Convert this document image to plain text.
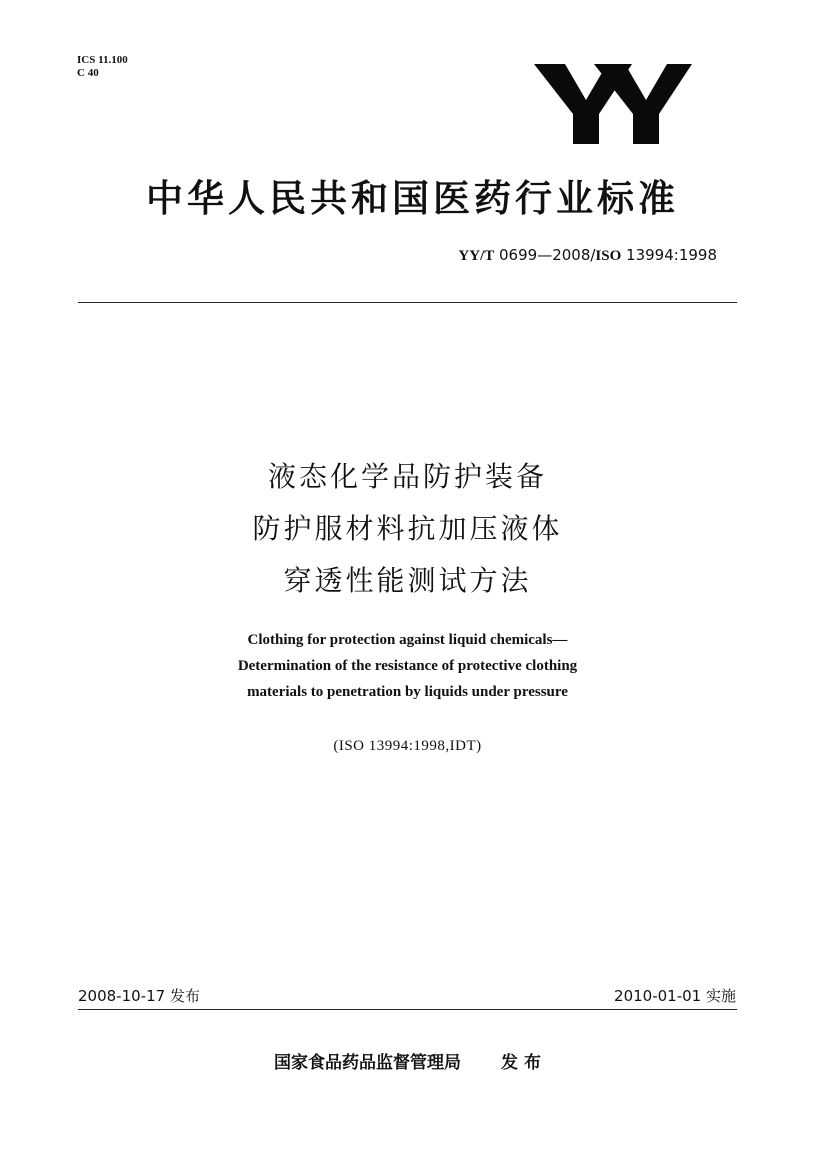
ICS 11.100
C 40
中华人民共和国医药行业标准
YY/T 0699—2008/ISO 13994:1998
液态化学品防护装备
防护服材料抗加压液体
穿透性能测试方法
Clothing for protection against liquid chemicals—
Determination of the resistance of protective clothing
materials to penetration by liquids under pressure
(ISO 13994:1998,IDT)
2008-10-17 发布	2010-01-01 实施
国家食品药品监督管理局 发 布
